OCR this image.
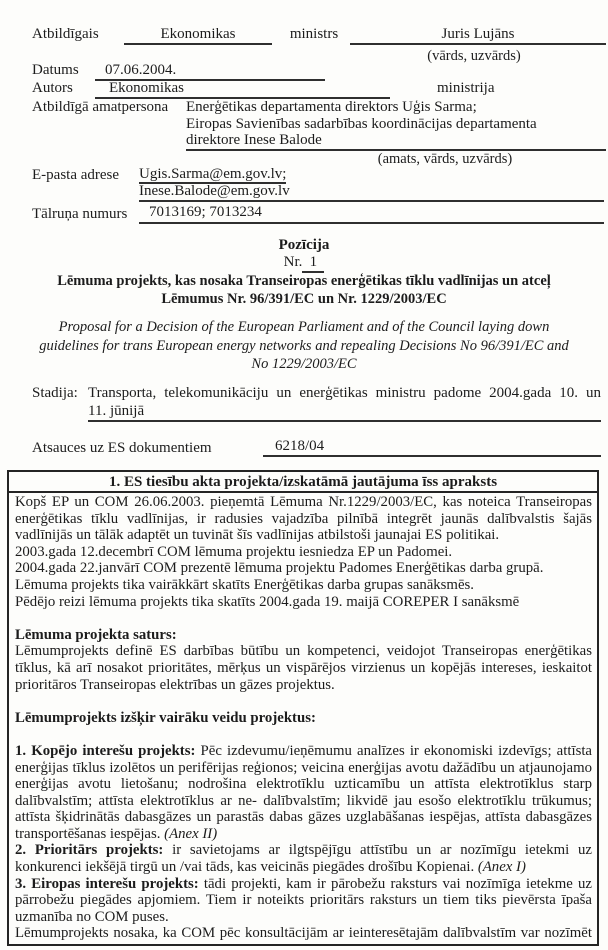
Atbildīgais	Ekonomikas	ministrs	Juris Lujāns
(vārds, uzvārds)
Datums	07.06.2004.
Autors	Ekonomikas	ministrija
Atbildīgā amatpersona	Enerģētikas departamenta direktors Uģis Sarma;
Eiropas Savienības sadarbības koordinācijas departamenta
direktore Inese Balode
(amats, vārds, uzvārds)
E-pasta adrese Ugis.Sarma@em.gov.lv;
Inese.Balode@em.gov.lv
Tālruņa numurs	7013169; 7013234
Pozīcija
Nr. 1
Lēmuma projekts, kas nosaka Transeiropas enerģētikas tīklu vadlīnijas un atceļ
Lēmumus Nr. 96/391/EC un Nr. 1229/2003/EC
Proposal for a Decision of the European Parliament and of the Council laying down
guidelines for trans European energy networks and repealing Decisions No 96/391/EC and
No 1229/2003/EC
Stadija: Transporta, telekomunikāciju un enerģētikas ministru padome 2004.gada 10. un
11. jūnijā
Atsauces uz ES dokumentiem	6218/04
1. ES tiesību akta projekta/izskatāmā jautājuma īss apraksts
Kopš EP un COM 26.06.2003. pieņemtā Lēmuma Nr.1229/2003/EC, kas noteica Transeiropas enerģētikas tīklu vadlīnijas, ir radusies vajadzība pilnībā integrēt jaunās dalībvalstis šajās vadlīnijās un tālāk adaptēt un tuvināt šīs vadlīnijas atbilstoši jaunajai ES politikai.
2003.gada 12.decembrī COM lēmuma projektu iesniedza EP un Padomei.
2004.gada 22.janvārī COM prezentē lēmuma projektu Padomes Enerģētikas darba grupā.
Lēmuma projekts tika vairākkārt skatīts Enerģētikas darba grupas sanāksmēs.
Pēdējo reizi lēmuma projekts tika skatīts 2004.gada 19. maijā COREPER I sanāksmē
Lēmuma projekta saturs:
Lēmumprojekts definē ES darbības būtību un kompetenci, veidojot Transeiropas enerģētikas tīklus, kā arī nosakot prioritātes, mērķus un vispārējos virzienus un kopējās intereses, ieskaitot prioritāros Transeiropas elektrības un gāzes projektus.
Lēmumprojekts izšķir vairāku veidu projektus:
1. Kopējo interešu projekts: Pēc izdevumu/ieņēmumu analīzes ir ekonomiski izdevīgs; attīsta enerģijas tīklus izolētos un perifērijas reģionos; veicina enerģijas avotu dažādību un atjaunojamo enerģijas avotu lietošanu; nodrošina elektrotīklu uzticamību un attīsta elektrotīklus starp dalībvalstīm; attīsta elektrotīklus ar ne- dalībvalstīm; likvidē jau esošo elektrotīklu trūkumus; attīsta šķidrinātās dabasgāzes un parastās dabas gāzes uzglabāšanas iespējas, attīsta dabasgāzes transportēšanas iespējas. (Anex II)
2. Prioritārs projekts: ir savietojams ar ilgtspējīgu attīstību un ar nozīmīgu ietekmi uz konkurenci iekšējā tirgū un /vai tāds, kas veicinās piegādes drošību Kopienai. (Anex I)
3. Eiropas interešu projekts: tādi projekti, kam ir pārobežu raksturs vai nozīmīga ietekme uz pārrobežu piegādes apjomiem. Tiem ir noteikts prioritārs raksturs un tiem tiks pievērsta īpaša uzmanība no COM puses.
Lēmumprojekts nosaka, ka COM pēc konsultācijām ar ieinteresētajām dalībvalstīm var nozīmēt
